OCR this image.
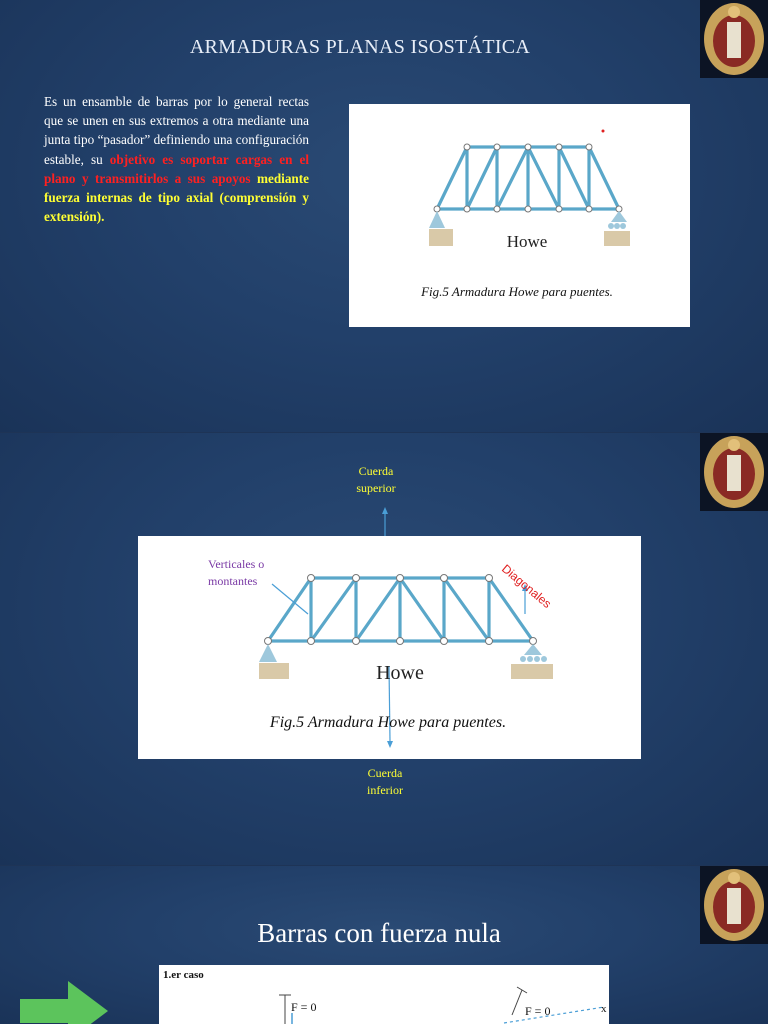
ARMADURAS PLANAS ISOSTÁTICA
Es un ensamble de barras por lo general rectas que se unen en sus extremos a otra mediante una junta tipo “pasador” definiendo una configuración estable, su objetivo es soportar cargas en el plano y transmitirlos a sus apoyos mediante fuerza internas de tipo axial (comprensión y extensión).
Howe
Fig.5 Armadura Howe para puentes.
Cuerda
superior
Howe
Fig.5 Armadura Howe para puentes.
Verticales o
montantes	Diagonales
Cuerda
inferior
Barras con fuerza nula
1.er caso
F = 0	F = 0	x
